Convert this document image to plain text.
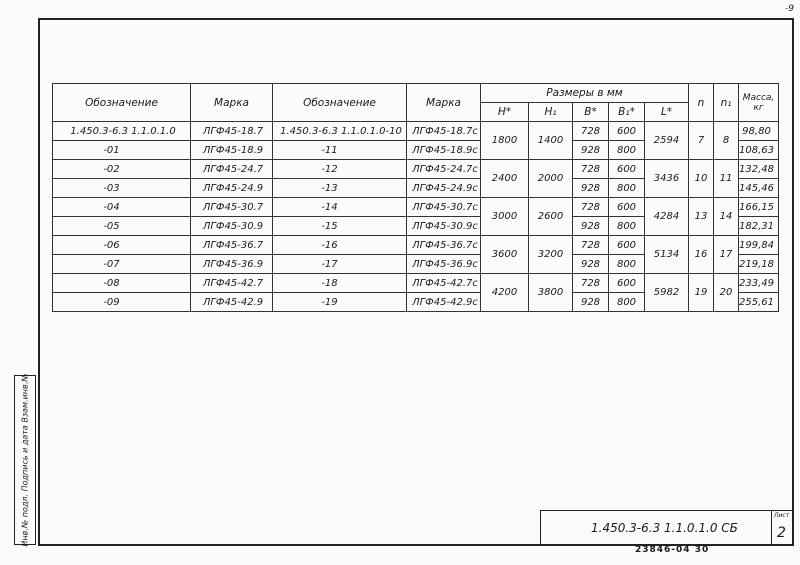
-9
Инв.№ подл. Подпись и дата Взам.инв.№
Обозначение	Марка	Обозначение	Марка	Размеры в мм					n	n₁	Масса, кг
				H*	H₁	B*	B₁*	L*			
1.450.3-6.3 1.1.0.1.0	ЛГФ45-18.7	1.450.3-6.3 1.1.0.1.0-10	ЛГФ45-18.7с	1800	1400	728	600	2594	7	8	98,80
-01	ЛГФ45-18.9	-11	ЛГФ45-18.9с			928	800				108,63
-02	ЛГФ45-24.7	-12	ЛГФ45-24.7с	2400	2000	728	600	3436	10	11	132,48
-03	ЛГФ45-24.9	-13	ЛГФ45-24.9с			928	800				145,46
-04	ЛГФ45-30.7	-14	ЛГФ45-30.7с	3000	2600	728	600	4284	13	14	166,15
-05	ЛГФ45-30.9	-15	ЛГФ45-30.9с			928	800				182,31
-06	ЛГФ45-36.7	-16	ЛГФ45-36.7с	3600	3200	728	600	5134	16	17	199,84
-07	ЛГФ45-36.9	-17	ЛГФ45-36.9с			928	800				219,18
-08	ЛГФ45-42.7	-18	ЛГФ45-42.7с	4200	3800	728	600	5982	19	20	233,49
-09	ЛГФ45-42.9	-19	ЛГФ45-42.9с			928	800				255,61
1.450.3-6.3 1.1.0.1.0 СБ
Лист
2
23846-04 30
